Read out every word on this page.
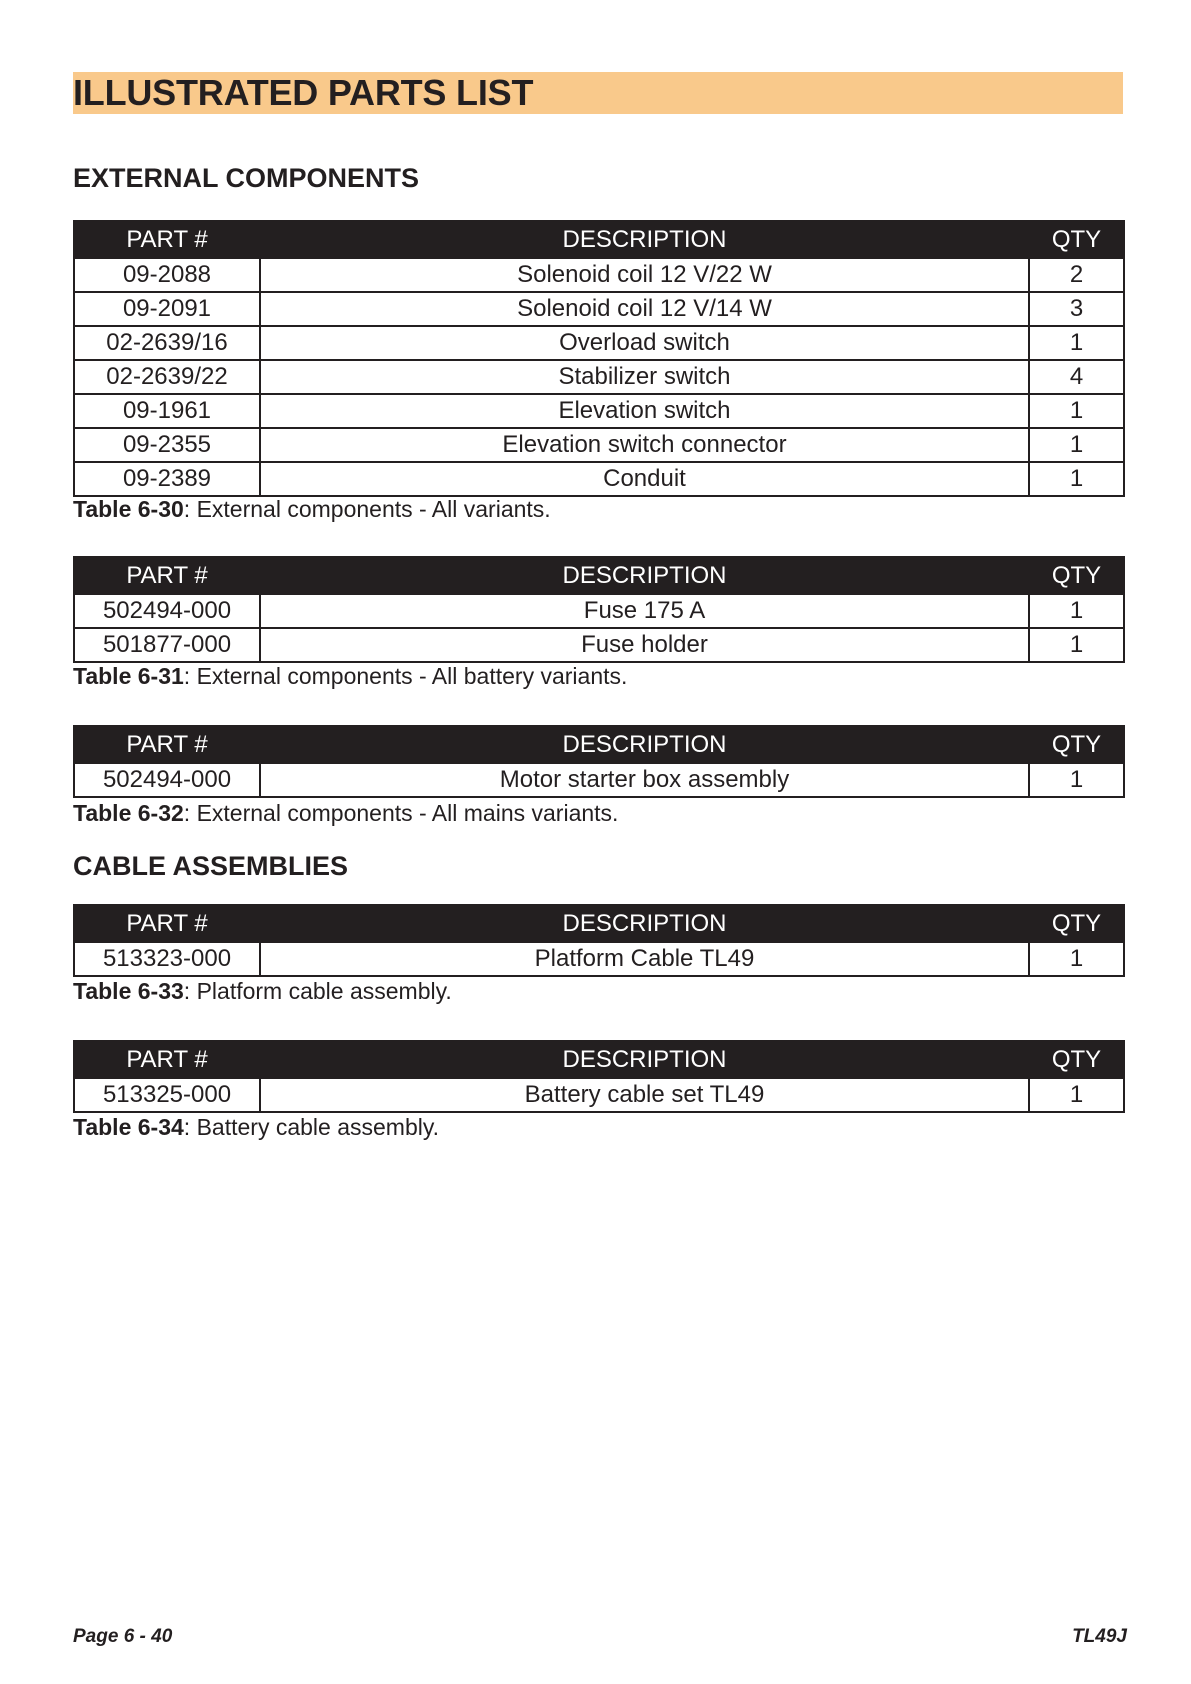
ILLUSTRATED PARTS LIST
EXTERNAL COMPONENTS
PART #	DESCRIPTION	QTY
09-2088	Solenoid coil 12 V/22 W	2
09-2091	Solenoid coil 12 V/14 W	3
02-2639/16	Overload switch	1
02-2639/22	Stabilizer switch	4
09-1961	Elevation switch	1
09-2355	Elevation switch connector	1
09-2389	Conduit	1
Table 6-30: External components - All variants.
PART #	DESCRIPTION	QTY
502494-000	Fuse 175 A	1
501877-000	Fuse holder	1
Table 6-31: External components - All battery variants.
PART #	DESCRIPTION	QTY
502494-000	Motor starter box assembly	1
Table 6-32: External components - All mains variants.
CABLE ASSEMBLIES
PART #	DESCRIPTION	QTY
513323-000	Platform Cable TL49	1
Table 6-33: Platform cable assembly.
PART #	DESCRIPTION	QTY
513325-000	Battery cable set TL49	1
Table 6-34: Battery cable assembly.
Page 6 - 40	TL49J
